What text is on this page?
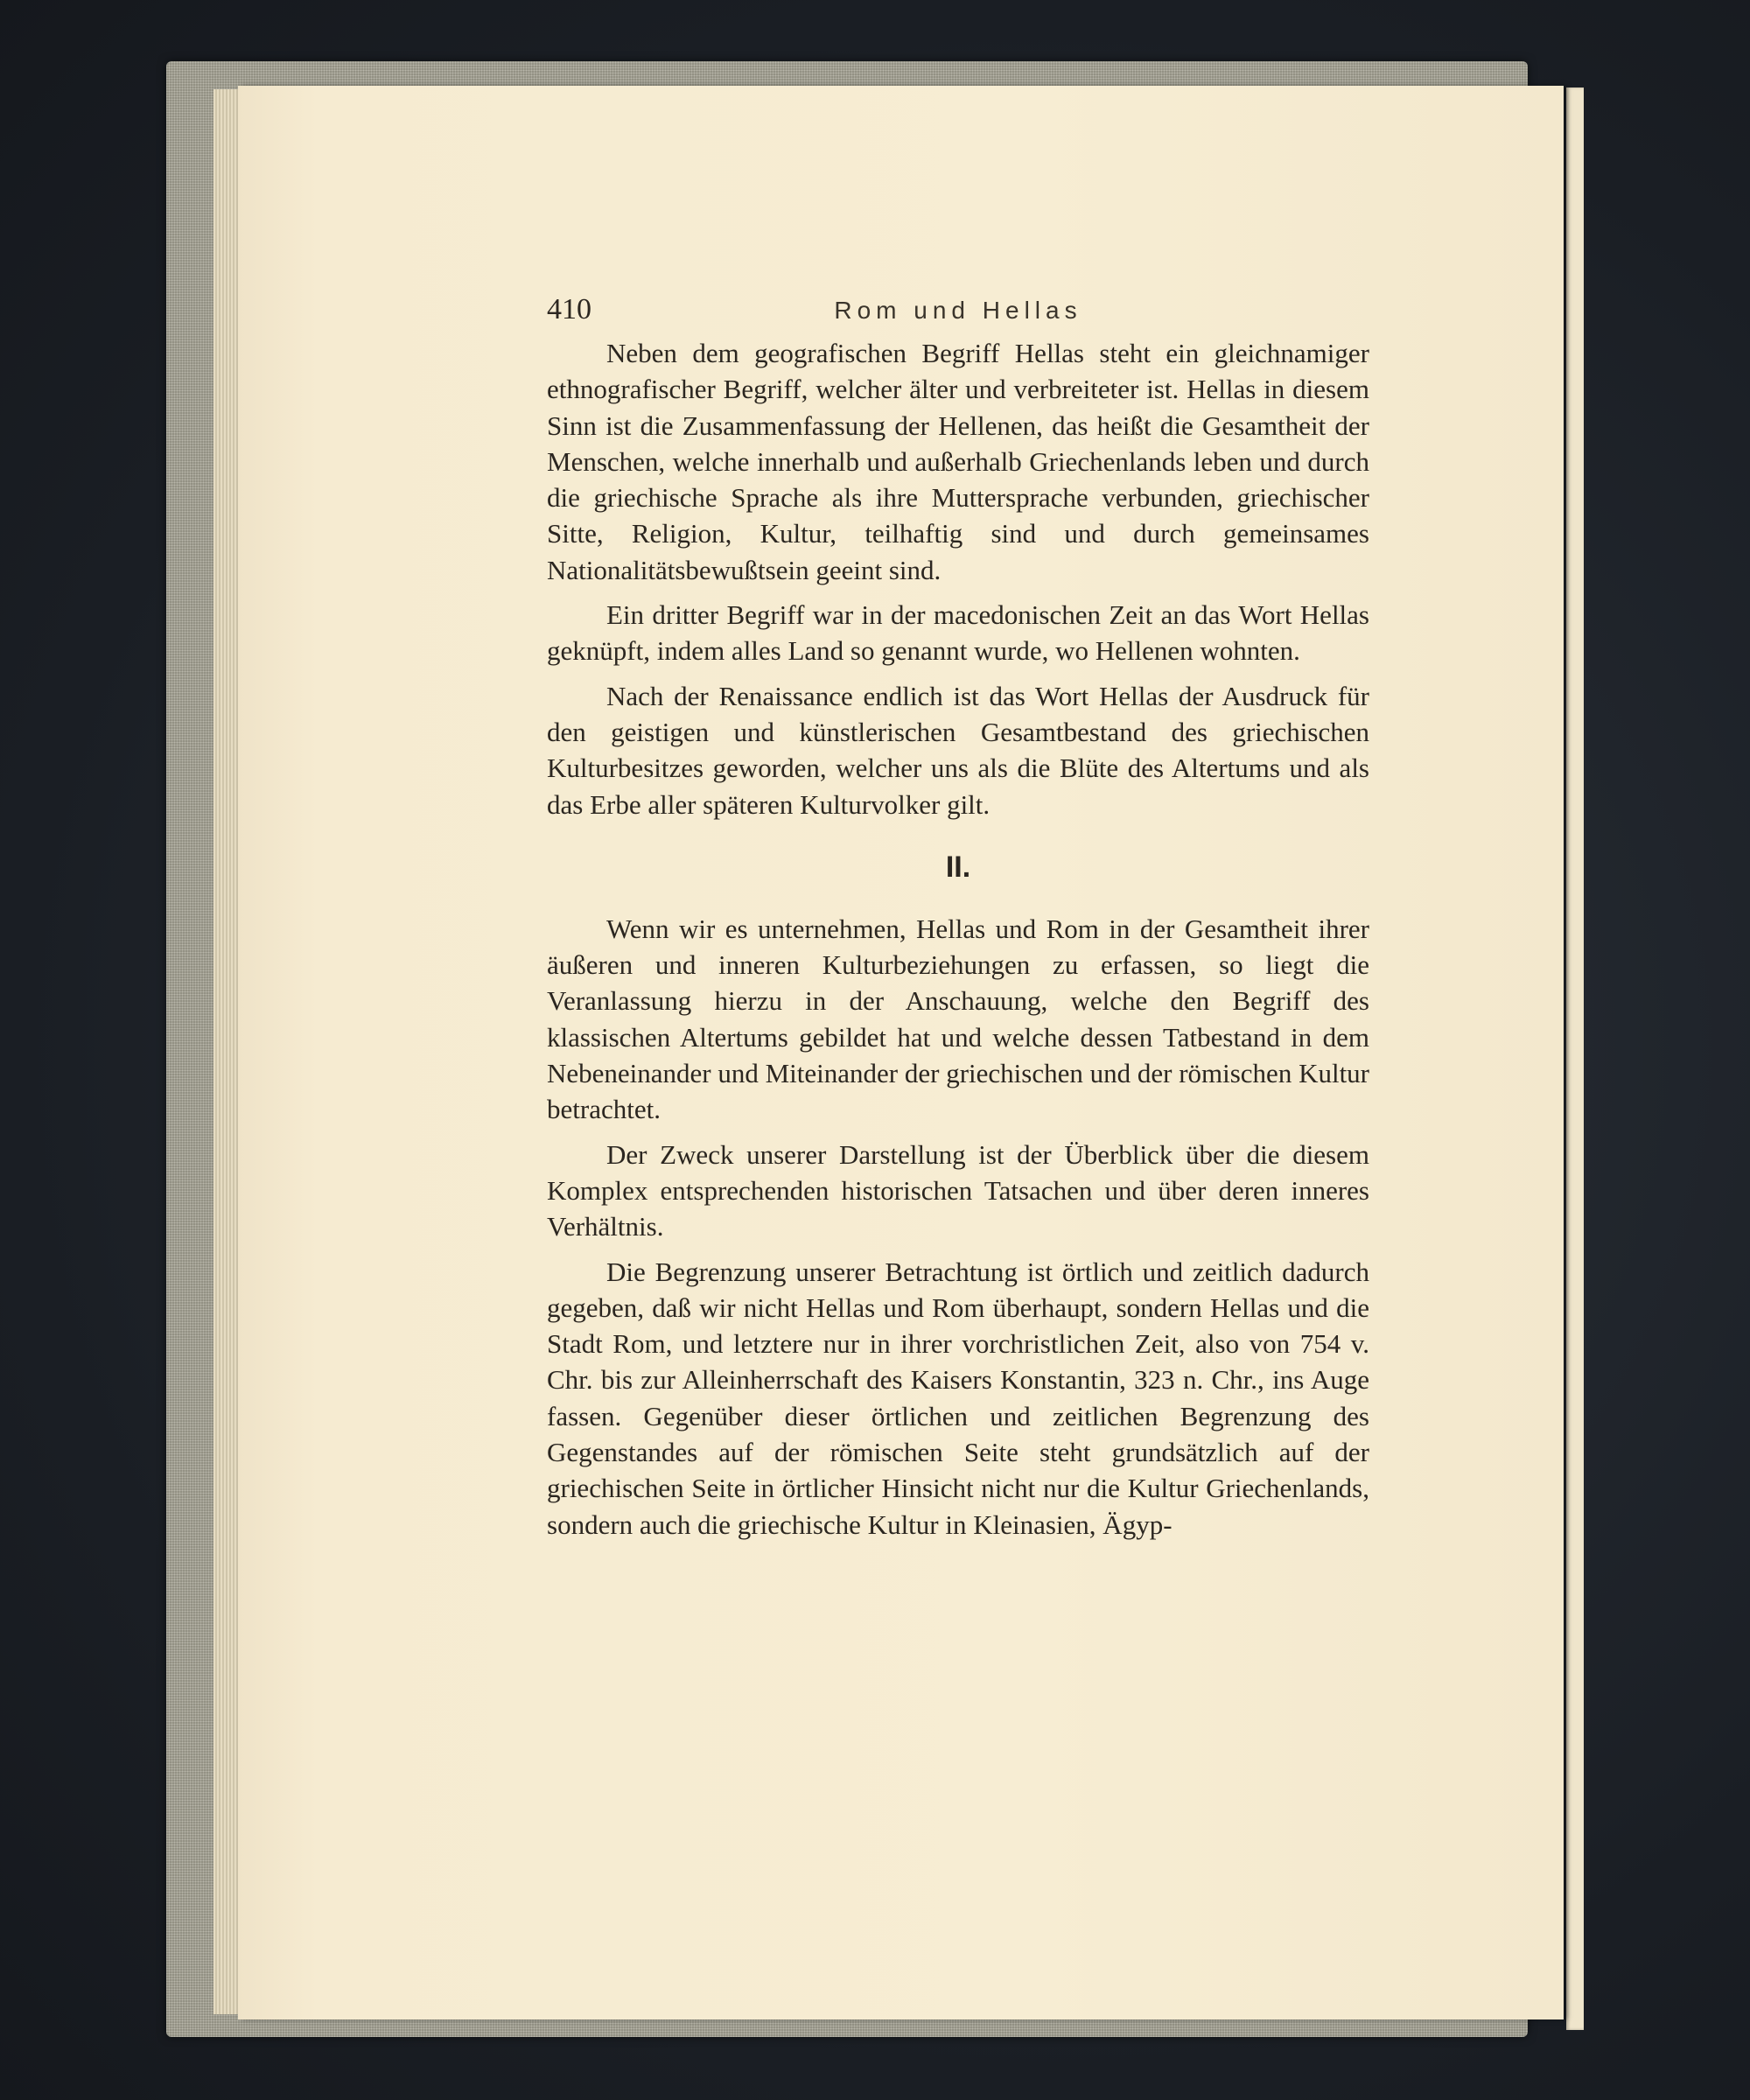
410	Rom und Hellas

Neben dem geografischen Begriff Hellas steht ein gleichnamiger ethnografischer Begriff, welcher älter und verbreiteter ist. Hellas in diesem Sinn ist die Zusammenfassung der Hellenen, das heißt die Gesamtheit der Menschen, welche innerhalb und außerhalb Griechenlands leben und durch die griechische Sprache als ihre Muttersprache verbunden, griechischer Sitte, Religion, Kultur, teilhaftig sind und durch gemeinsames Nationalitätsbewußtsein geeint sind.

Ein dritter Begriff war in der macedonischen Zeit an das Wort Hellas geknüpft, indem alles Land so genannt wurde, wo Hellenen wohnten.

Nach der Renaissance endlich ist das Wort Hellas der Ausdruck für den geistigen und künstlerischen Gesamtbestand des griechischen Kulturbesitzes geworden, welcher uns als die Blüte des Altertums und als das Erbe aller späteren Kulturvolker gilt.

II.

Wenn wir es unternehmen, Hellas und Rom in der Gesamtheit ihrer äußeren und inneren Kulturbeziehungen zu erfassen, so liegt die Veranlassung hierzu in der Anschauung, welche den Begriff des klassischen Altertums gebildet hat und welche dessen Tatbestand in dem Nebeneinander und Miteinander der griechischen und der römischen Kultur betrachtet.

Der Zweck unserer Darstellung ist der Überblick über die diesem Komplex entsprechenden historischen Tatsachen und über deren inneres Verhältnis.

Die Begrenzung unserer Betrachtung ist örtlich und zeitlich dadurch gegeben, daß wir nicht Hellas und Rom überhaupt, sondern Hellas und die Stadt Rom, und letztere nur in ihrer vorchristlichen Zeit, also von 754 v. Chr. bis zur Alleinherrschaft des Kaisers Konstantin, 323 n. Chr., ins Auge fassen. Gegenüber dieser örtlichen und zeitlichen Begrenzung des Gegenstandes auf der römischen Seite steht grundsätzlich auf der griechischen Seite in örtlicher Hinsicht nicht nur die Kultur Griechenlands, sondern auch die griechische Kultur in Kleinasien, Ägyp-
